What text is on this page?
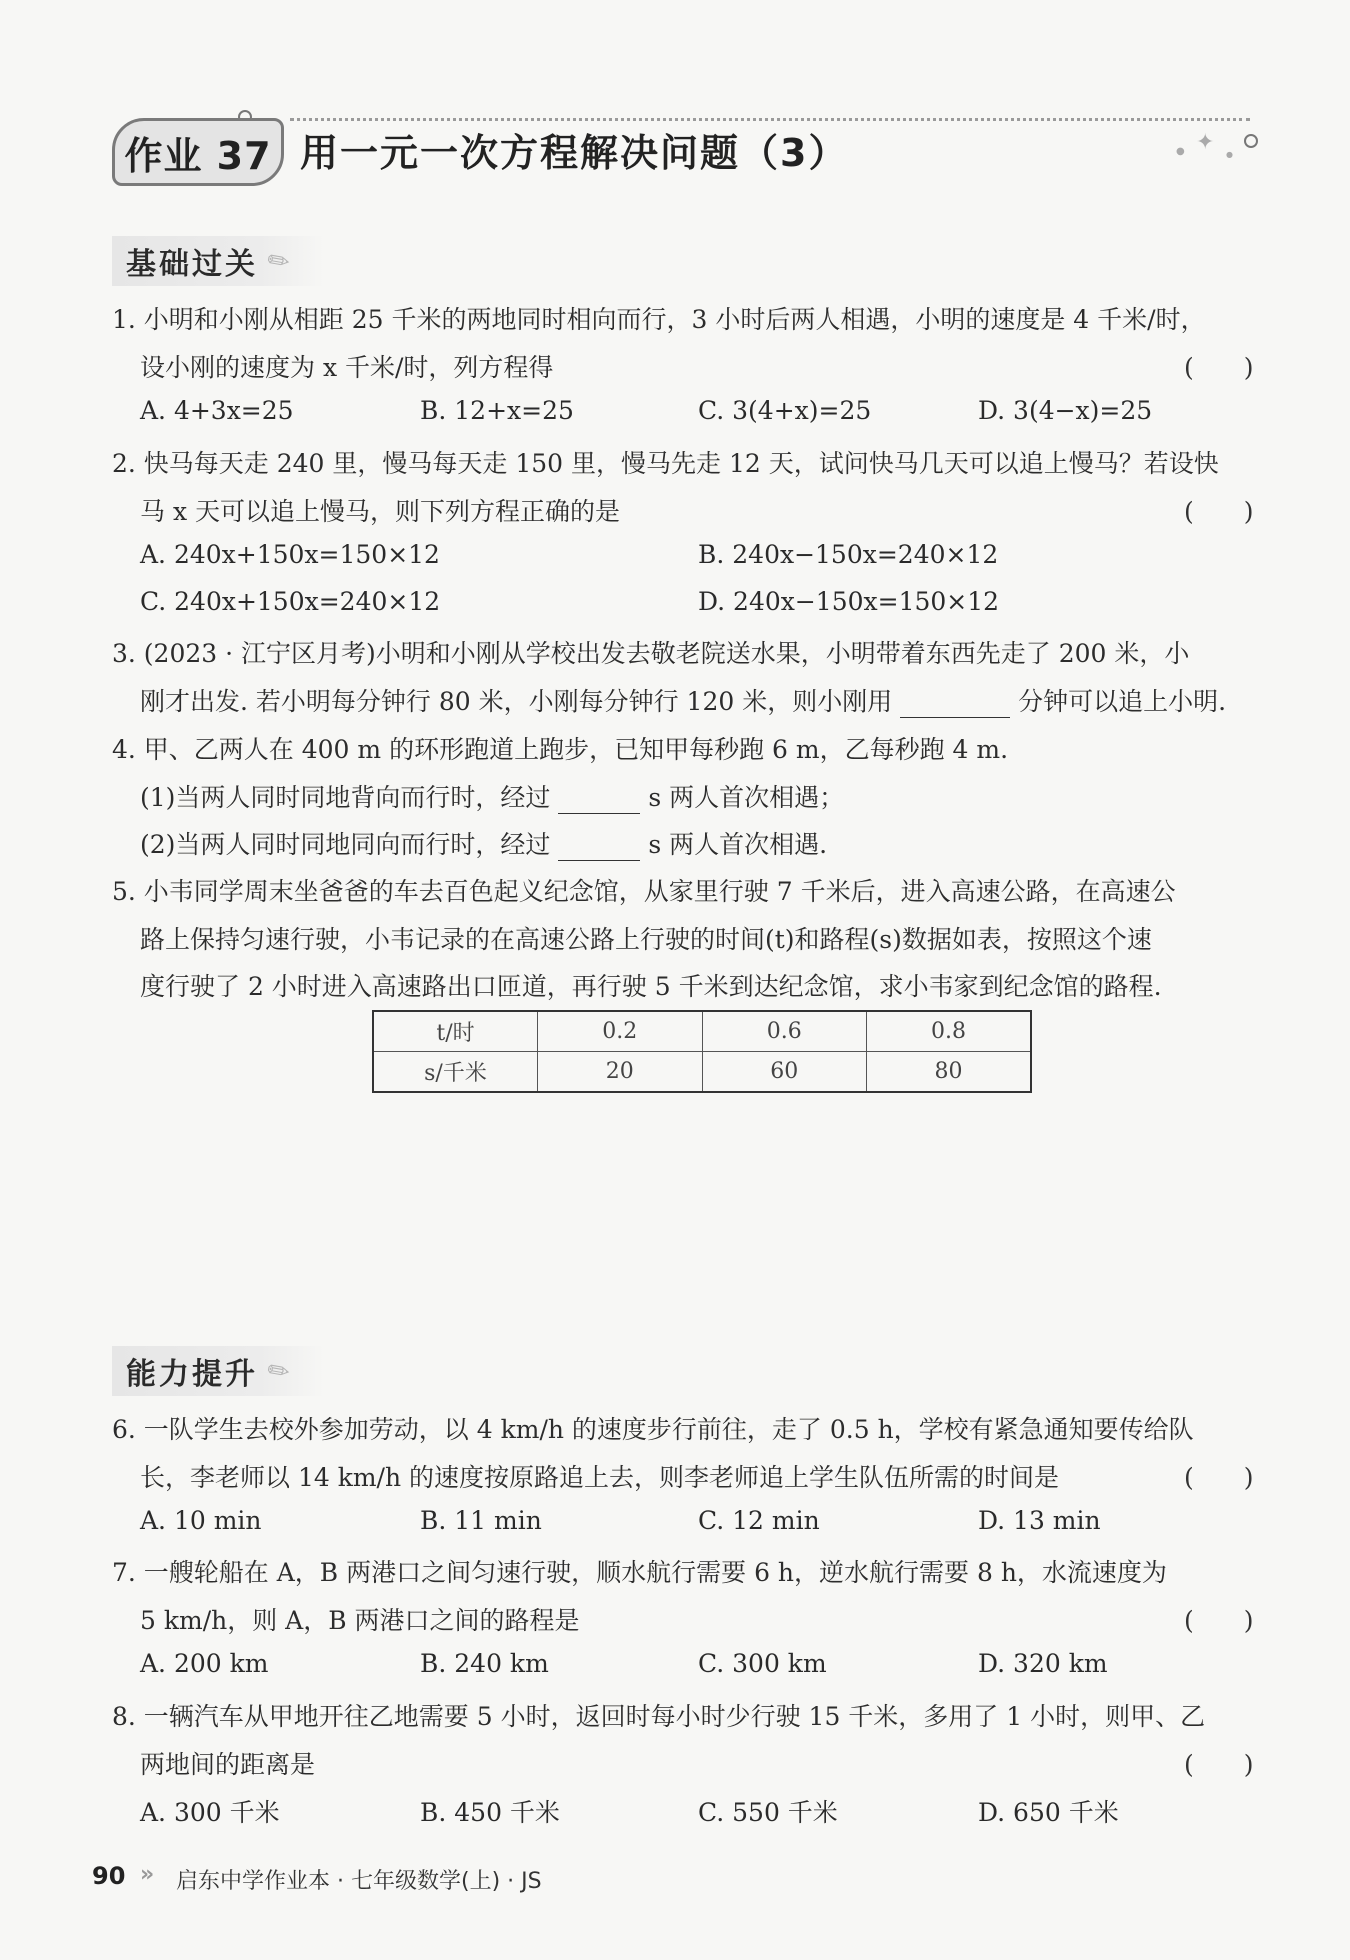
✦
●	●
作业 37 用一元一次方程解决问题（3）
基础过关 ✎
1. 小明和小刚从相距 25 千米的两地同时相向而行，3 小时后两人相遇，小明的速度是 4 千米/时，
设小刚的速度为 x 千米/时，列方程得	(　　)
A. 4+3x=25	B. 12+x=25	C. 3(4+x)=25	D. 3(4−x)=25
2. 快马每天走 240 里，慢马每天走 150 里，慢马先走 12 天，试问快马几天可以追上慢马？若设快
马 x 天可以追上慢马，则下列方程正确的是	(　　)
A. 240x+150x=150×12	B. 240x−150x=240×12
C. 240x+150x=240×12	D. 240x−150x=150×12
3. (2023 · 江宁区月考)小明和小刚从学校出发去敬老院送水果，小明带着东西先走了 200 米，小
刚才出发. 若小明每分钟行 80 米，小刚每分钟行 120 米，则小刚用	分钟可以追上小明.
4. 甲、乙两人在 400 m 的环形跑道上跑步，已知甲每秒跑 6 m，乙每秒跑 4 m.
(1)当两人同时同地背向而行时，经过	s 两人首次相遇；
(2)当两人同时同地同向而行时，经过	s 两人首次相遇.
5. 小韦同学周末坐爸爸的车去百色起义纪念馆，从家里行驶 7 千米后，进入高速公路，在高速公
路上保持匀速行驶，小韦记录的在高速公路上行驶的时间(t)和路程(s)数据如表，按照这个速
度行驶了 2 小时进入高速路出口匝道，再行驶 5 千米到达纪念馆，求小韦家到纪念馆的路程.
t/时	0.2	0.6	0.8
s/千米	20	60	80
能力提升 ✎
6. 一队学生去校外参加劳动，以 4 km/h 的速度步行前往，走了 0.5 h，学校有紧急通知要传给队
长，李老师以 14 km/h 的速度按原路追上去，则李老师追上学生队伍所需的时间是	(　　)
A. 10 min	B. 11 min	C. 12 min	D. 13 min
7. 一艘轮船在 A，B 两港口之间匀速行驶，顺水航行需要 6 h，逆水航行需要 8 h，水流速度为
5 km/h，则 A，B 两港口之间的路程是	(　　)
A. 200 km	B. 240 km	C. 300 km	D. 320 km
8. 一辆汽车从甲地开往乙地需要 5 小时，返回时每小时少行驶 15 千米，多用了 1 小时，则甲、乙
两地间的距离是	(　　)
A. 300 千米	B. 450 千米	C. 550 千米	D. 650 千米
90 » 启东中学作业本 · 七年级数学(上) · JS
